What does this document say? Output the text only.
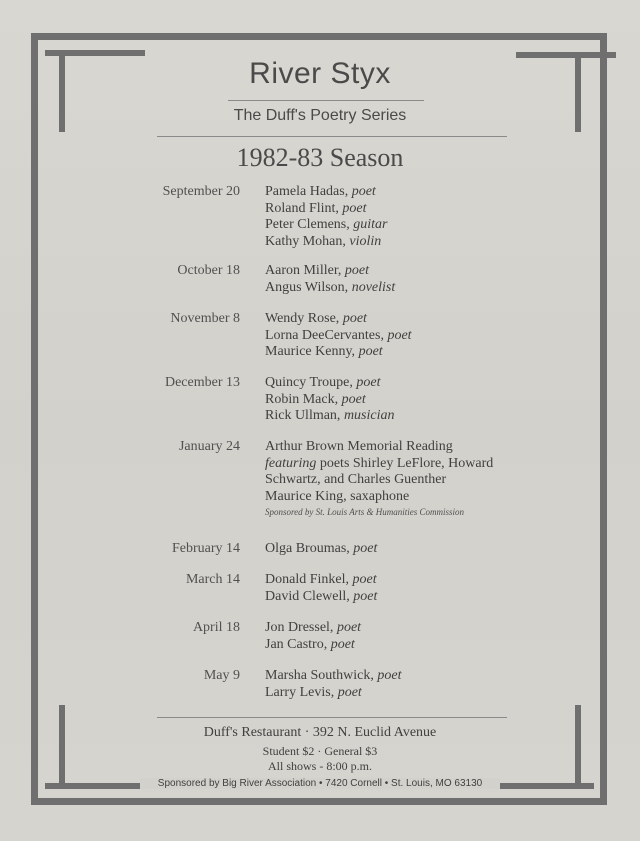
River Styx
The Duff's Poetry Series
1982-83 Season
September 20 Pamela Hadas, poet
Roland Flint, poet
Peter Clemens, guitar
Kathy Mohan, violin
October 18 Aaron Miller, poet
Angus Wilson, novelist
November 8 Wendy Rose, poet
Lorna DeeCervantes, poet
Maurice Kenny, poet
December 13 Quincy Troupe, poet
Robin Mack, poet
Rick Ullman, musician
January 24 Arthur Brown Memorial Reading
featuring poets Shirley LeFlore, Howard
Schwartz, and Charles Guenther
Maurice King, saxaphone
Sponsored by St. Louis Arts & Humanities Commission
February 14 Olga Broumas, poet
March 14 Donald Finkel, poet
David Clewell, poet
April 18 Jon Dressel, poet
Jan Castro, poet
May 9 Marsha Southwick, poet
Larry Levis, poet
Duff's Restaurant · 392 N. Euclid Avenue
Student $2 · General $3
All shows - 8:00 p.m.
Sponsored by Big River Association • 7420 Cornell • St. Louis, MO 63130
